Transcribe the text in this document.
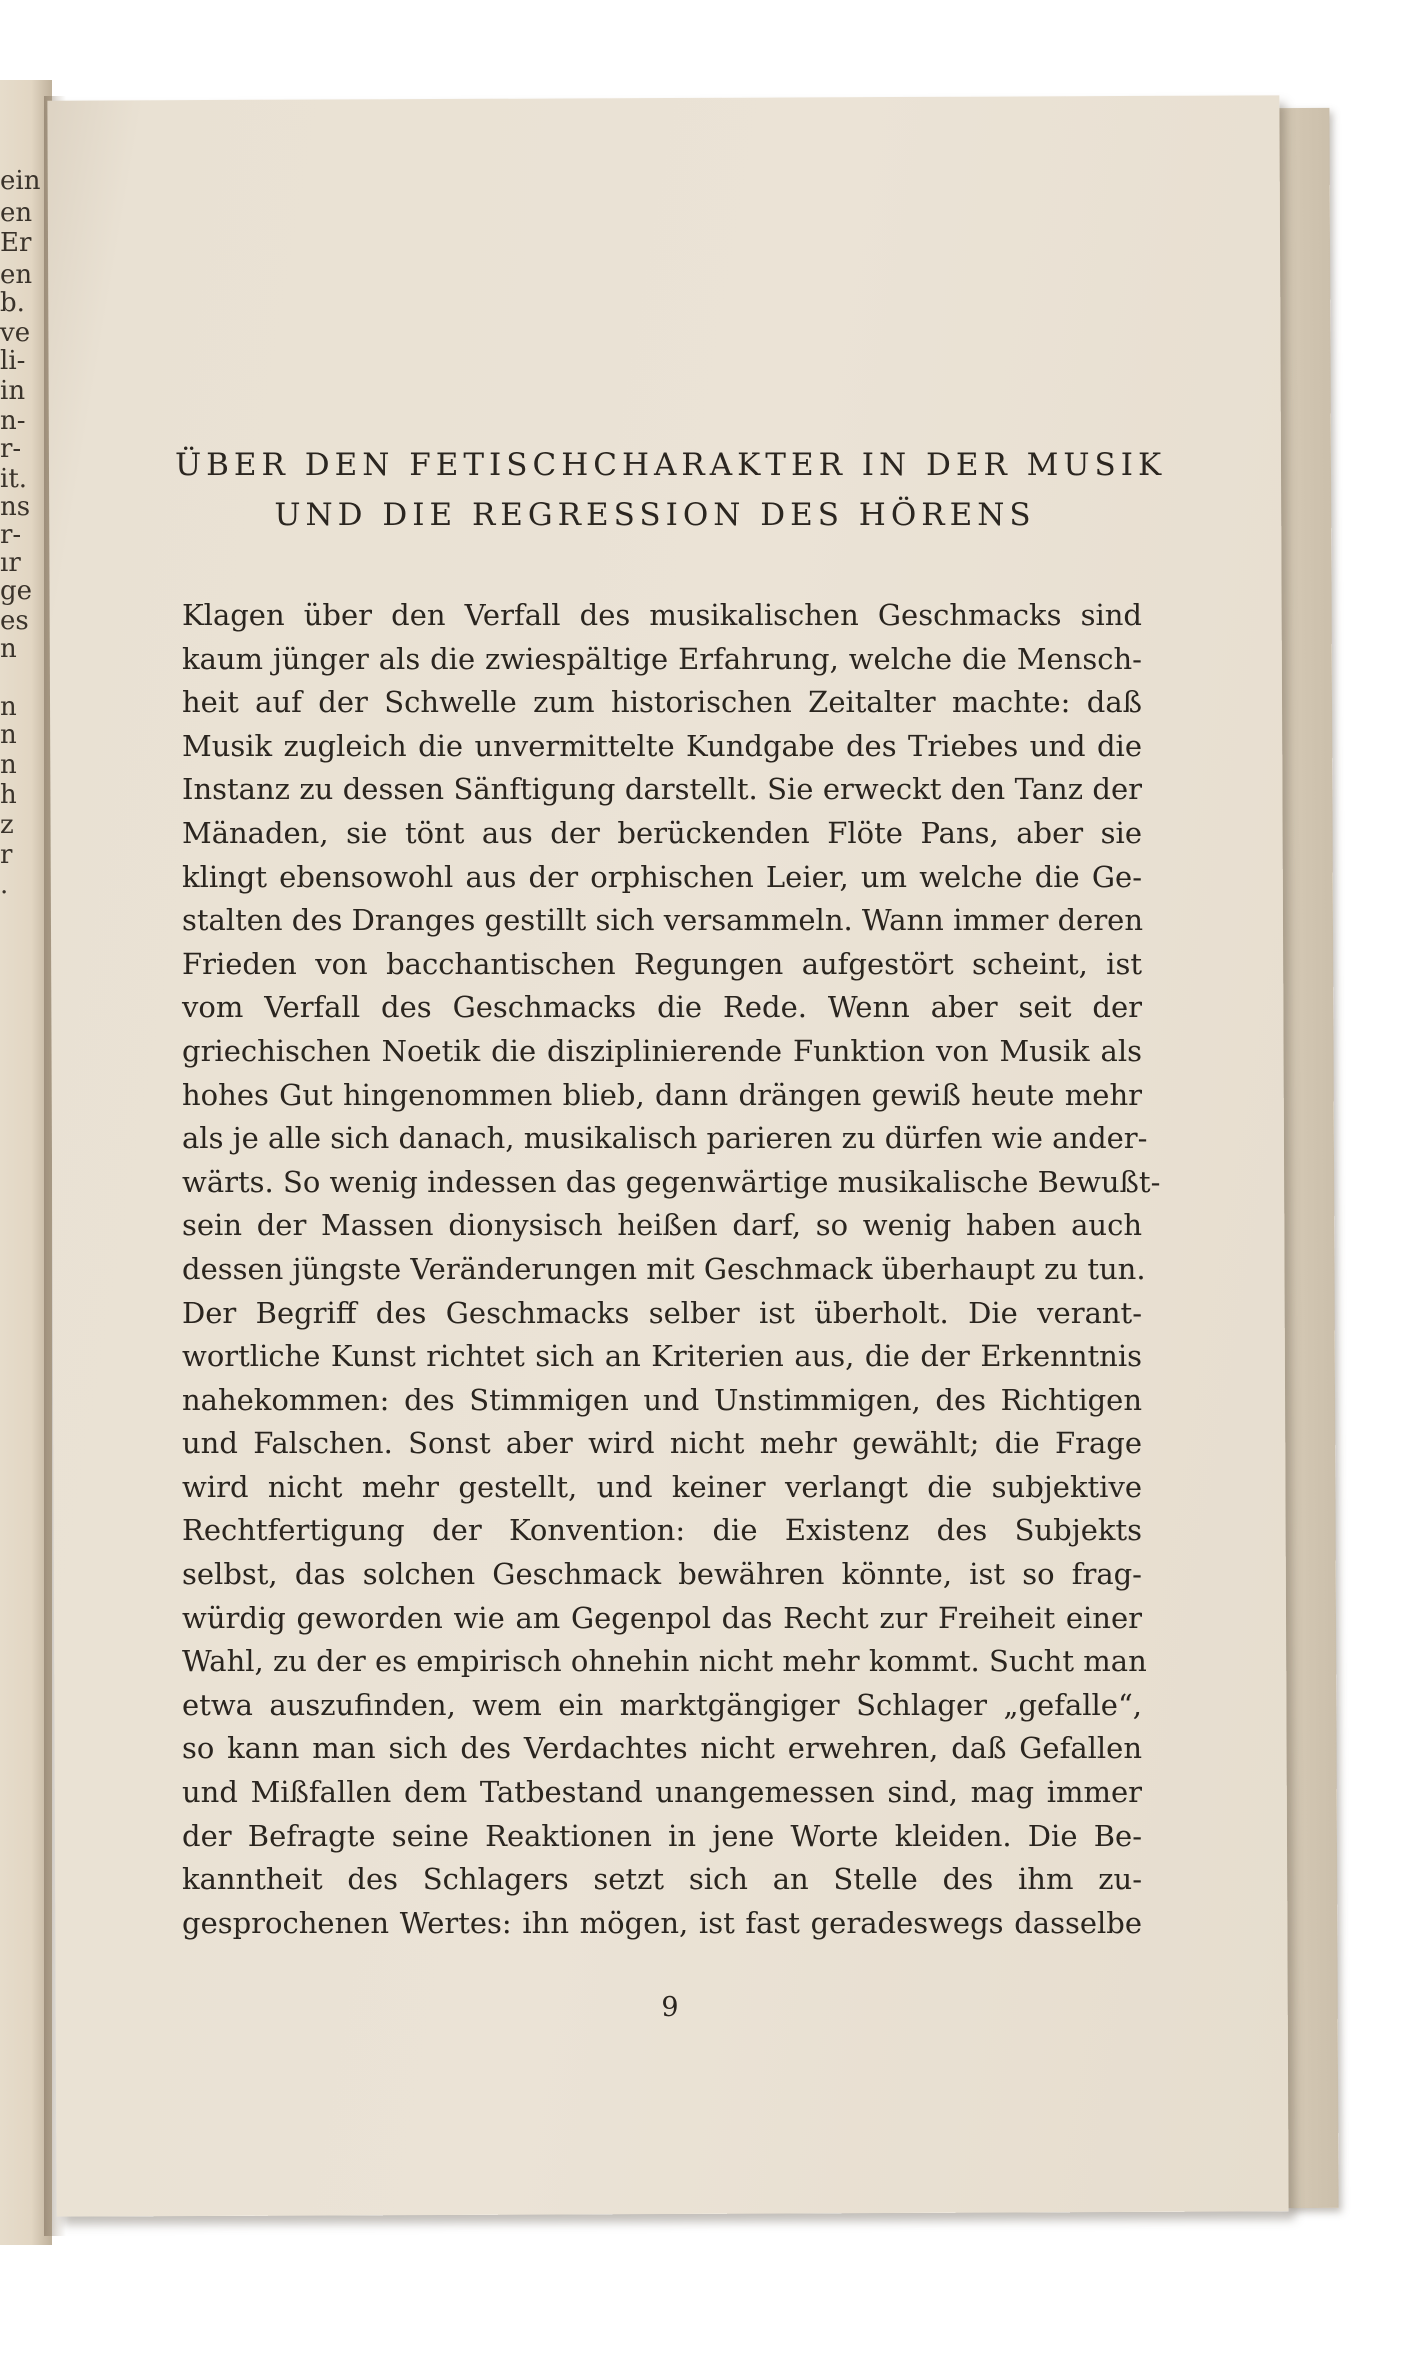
ein
en
Er
en
b.
ve
li-
in
n-
r-
it.
ns
r-
ır
ge
es
n
n
n
n
h
z
r
.
ÜBER DEN FETISCHCHARAKTER IN DER MUSIK
UND DIE REGRESSION DES HÖRENS
Klagen über den Verfall des musikalischen Geschmacks sind
kaum jünger als die zwiespältige Erfahrung, welche die Mensch-
heit auf der Schwelle zum historischen Zeitalter machte: daß
Musik zugleich die unvermittelte Kundgabe des Triebes und die
Instanz zu dessen Sänftigung darstellt. Sie erweckt den Tanz der
Mänaden, sie tönt aus der berückenden Flöte Pans, aber sie
klingt ebensowohl aus der orphischen Leier, um welche die Ge-
stalten des Dranges gestillt sich versammeln. Wann immer deren
Frieden von bacchantischen Regungen aufgestört scheint, ist
vom Verfall des Geschmacks die Rede. Wenn aber seit der
griechischen Noetik die disziplinierende Funktion von Musik als
hohes Gut hingenommen blieb, dann drängen gewiß heute mehr
als je alle sich danach, musikalisch parieren zu dürfen wie ander-
wärts. So wenig indessen das gegenwärtige musikalische Bewußt-
sein der Massen dionysisch heißen darf, so wenig haben auch
dessen jüngste Veränderungen mit Geschmack überhaupt zu tun.
Der Begriff des Geschmacks selber ist überholt. Die verant-
wortliche Kunst richtet sich an Kriterien aus, die der Erkenntnis
nahekommen: des Stimmigen und Unstimmigen, des Richtigen
und Falschen. Sonst aber wird nicht mehr gewählt; die Frage
wird nicht mehr gestellt, und keiner verlangt die subjektive
Rechtfertigung der Konvention: die Existenz des Subjekts
selbst, das solchen Geschmack bewähren könnte, ist so frag-
würdig geworden wie am Gegenpol das Recht zur Freiheit einer
Wahl, zu der es empirisch ohnehin nicht mehr kommt. Sucht man
etwa auszufinden, wem ein marktgängiger Schlager „gefalle“,
so kann man sich des Verdachtes nicht erwehren, daß Gefallen
und Mißfallen dem Tatbestand unangemessen sind, mag immer
der Befragte seine Reaktionen in jene Worte kleiden. Die Be-
kanntheit des Schlagers setzt sich an Stelle des ihm zu-
gesprochenen Wertes: ihn mögen, ist fast geradeswegs dasselbe
9
